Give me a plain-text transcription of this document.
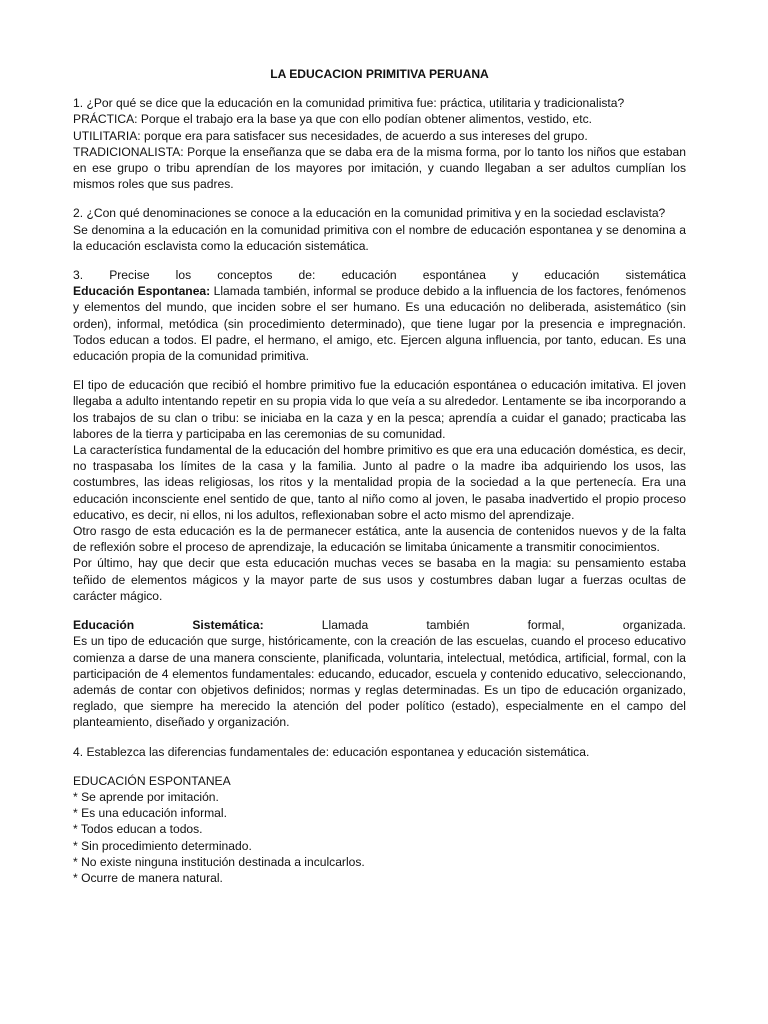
LA EDUCACION PRIMITIVA PERUANA

1. ¿Por qué se dice que la educación en la comunidad primitiva fue: práctica, utilitaria y tradicionalista?

PRÁCTICA: Porque el trabajo era la base ya que con ello podían obtener alimentos, vestido, etc.

UTILITARIA: porque era para satisfacer sus necesidades, de acuerdo a sus intereses del grupo.

TRADICIONALISTA: Porque la enseñanza que se daba era de la misma forma, por lo tanto los niños que estaban en ese grupo o tribu aprendían de los mayores por imitación, y cuando llegaban a ser adultos cumplían los mismos roles que sus padres.

2. ¿Con qué denominaciones se conoce a la educación en la comunidad primitiva y en la sociedad esclavista?

Se denomina a la educación en la comunidad primitiva con el nombre de educación espontanea y se denomina a la educación esclavista como la educación sistemática.

3. Precise los conceptos de: educación espontánea y educación sistemática

Educación Espontanea: Llamada también, informal se produce debido a la influencia de los factores, fenómenos y elementos del mundo, que inciden sobre el ser humano. Es una educación no deliberada, asistemático (sin orden), informal, metódica (sin procedimiento determinado), que tiene lugar por la presencia e impregnación. Todos educan a todos. El padre, el hermano, el amigo, etc. Ejercen alguna influencia, por tanto, educan. Es una educación propia de la comunidad primitiva.

El tipo de educación que recibió el hombre primitivo fue la educación espontánea o educación imitativa. El joven llegaba a adulto intentando repetir en su propia vida lo que veía a su alrededor. Lentamente se iba incorporando a los trabajos de su clan o tribu: se iniciaba en la caza y en la pesca; aprendía a cuidar el ganado; practicaba las labores de la tierra y participaba en las ceremonias de su comunidad.

La característica fundamental de la educación del hombre primitivo es que era una educación doméstica, es decir, no traspasaba los límites de la casa y la familia. Junto al padre o la madre iba adquiriendo los usos, las costumbres, las ideas religiosas, los ritos y la mentalidad propia de la sociedad a la que pertenecía. Era una educación inconsciente enel sentido de que, tanto al niño como al joven, le pasaba inadvertido el propio proceso educativo, es decir, ni ellos, ni los adultos, reflexionaban sobre el acto mismo del aprendizaje.

Otro rasgo de esta educación es la de permanecer estática, ante la ausencia de contenidos nuevos y de la falta de reflexión sobre el proceso de aprendizaje, la educación se limitaba únicamente a transmitir conocimientos.

Por último, hay que decir que esta educación muchas veces se basaba en la magia: su pensamiento estaba teñido de elementos mágicos y la mayor parte de sus usos y costumbres daban lugar a fuerzas ocultas de carácter mágico.

Educación Sistemática: Llamada también formal, organizada.

Es un tipo de educación que surge, históricamente, con la creación de las escuelas, cuando el proceso educativo comienza a darse de una manera consciente, planificada, voluntaria, intelectual, metódica, artificial, formal, con la participación de 4 elementos fundamentales: educando, educador, escuela y contenido educativo, seleccionando, además de contar con objetivos definidos; normas y reglas determinadas. Es un tipo de educación organizado, reglado, que siempre ha merecido la atención del poder político (estado), especialmente en el campo del planteamiento, diseñado y organización.

4. Establezca las diferencias fundamentales de: educación espontanea y educación sistemática.

EDUCACIÓN ESPONTANEA

* Se aprende por imitación.

* Es una educación informal.

* Todos educan a todos.

* Sin procedimiento determinado.

* No existe ninguna institución destinada a inculcarlos.

* Ocurre de manera natural.
